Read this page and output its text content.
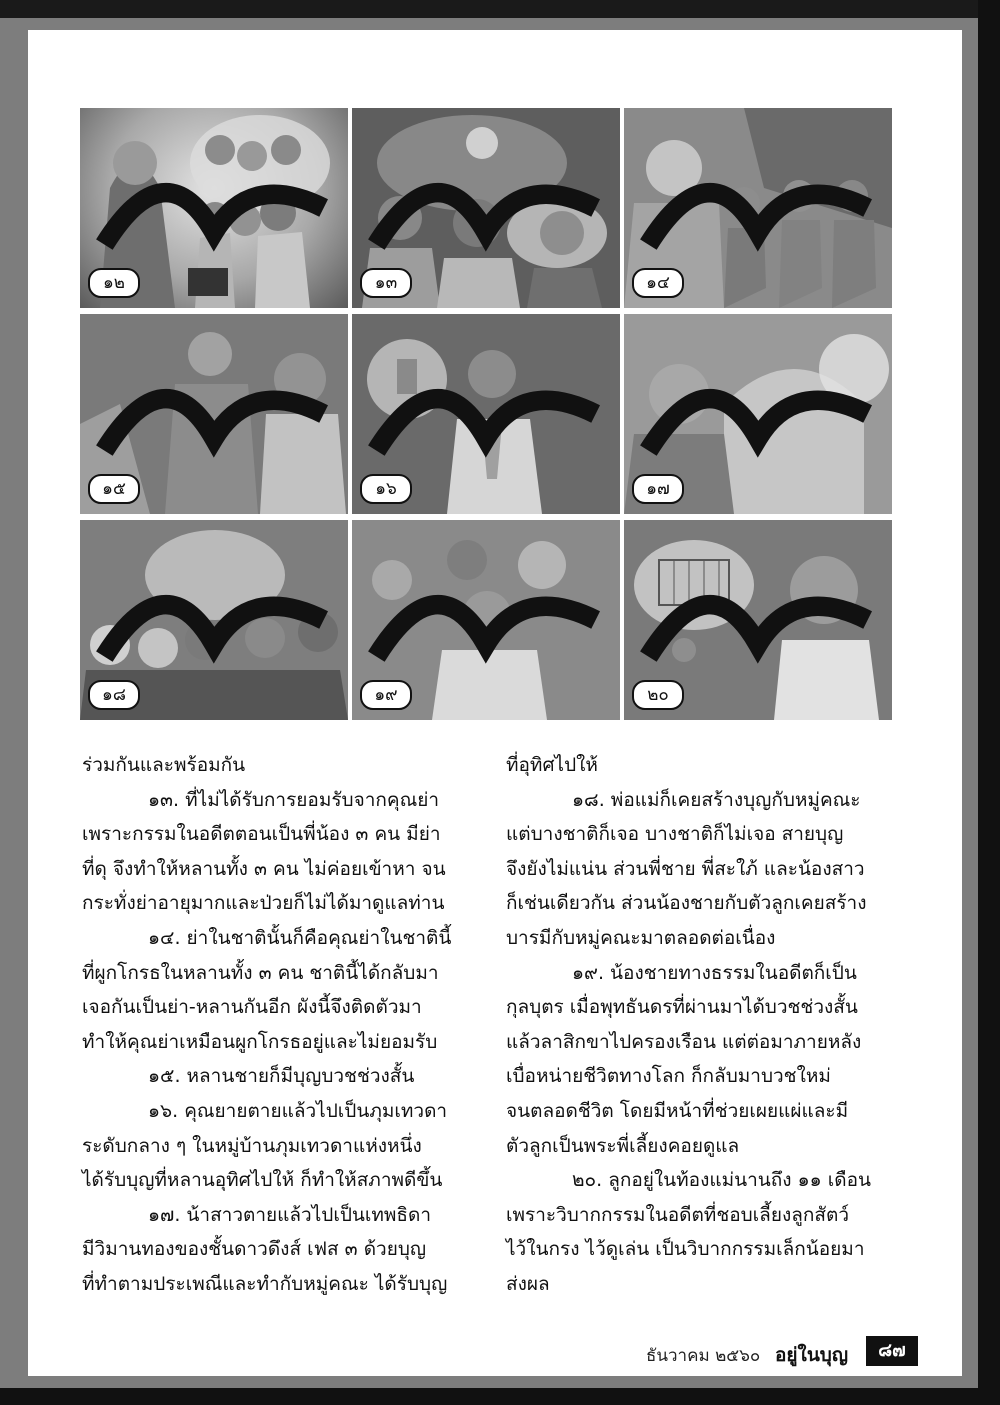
๑๒	๑๓	๑๔
๑๕	๑๖	๑๗
๑๘	๑๙	๒๐

ร่วมกันและพร้อมกัน

๑๓. ที่ไม่ได้รับการยอมรับจากคุณย่า

เพราะกรรมในอดีตตอนเป็นพี่น้อง ๓ คน มีย่า

ที่ดุ จึงทำให้หลานทั้ง ๓ คน ไม่ค่อยเข้าหา จน

กระทั่งย่าอายุมากและป่วยก็ไม่ได้มาดูแลท่าน

๑๔. ย่าในชาตินั้นก็คือคุณย่าในชาตินี้

ที่ผูกโกรธในหลานทั้ง ๓ คน ชาตินี้ได้กลับมา

เจอกันเป็นย่า-หลานกันอีก ผังนี้จึงติดตัวมา

ทำให้คุณย่าเหมือนผูกโกรธอยู่และไม่ยอมรับ

๑๕. หลานชายก็มีบุญบวชช่วงสั้น

๑๖. คุณยายตายแล้วไปเป็นภุมเทวดา

ระดับกลาง ๆ ในหมู่บ้านภุมเทวดาแห่งหนึ่ง

ได้รับบุญที่หลานอุทิศไปให้ ก็ทำให้สภาพดีขึ้น

๑๗. น้าสาวตายแล้วไปเป็นเทพธิดา

มีวิมานทองของชั้นดาวดึงส์ เฟส ๓ ด้วยบุญ

ที่ทำตามประเพณีและทำกับหมู่คณะ ได้รับบุญ

ที่อุทิศไปให้

๑๘. พ่อแม่ก็เคยสร้างบุญกับหมู่คณะ

แต่บางชาติก็เจอ บางชาติก็ไม่เจอ สายบุญ

จึงยังไม่แน่น ส่วนพี่ชาย พี่สะใภ้ และน้องสาว

ก็เช่นเดียวกัน ส่วนน้องชายกับตัวลูกเคยสร้าง

บารมีกับหมู่คณะมาตลอดต่อเนื่อง

๑๙. น้องชายทางธรรมในอดีตก็เป็น

กุลบุตร เมื่อพุทธันดรที่ผ่านมาได้บวชช่วงสั้น

แล้วลาสิกขาไปครองเรือน แต่ต่อมาภายหลัง

เบื่อหน่ายชีวิตทางโลก ก็กลับมาบวชใหม่

จนตลอดชีวิต โดยมีหน้าที่ช่วยเผยแผ่และมี

ตัวลูกเป็นพระพี่เลี้ยงคอยดูแล

๒๐. ลูกอยู่ในท้องแม่นานถึง ๑๑ เดือน

เพราะวิบากกรรมในอดีตที่ชอบเลี้ยงลูกสัตว์

ไว้ในกรง ไว้ดูเล่น เป็นวิบากกรรมเล็กน้อยมา

ส่งผล

ธันวาคม ๒๕๖๐ อยู่ในบุญ	๘๗
